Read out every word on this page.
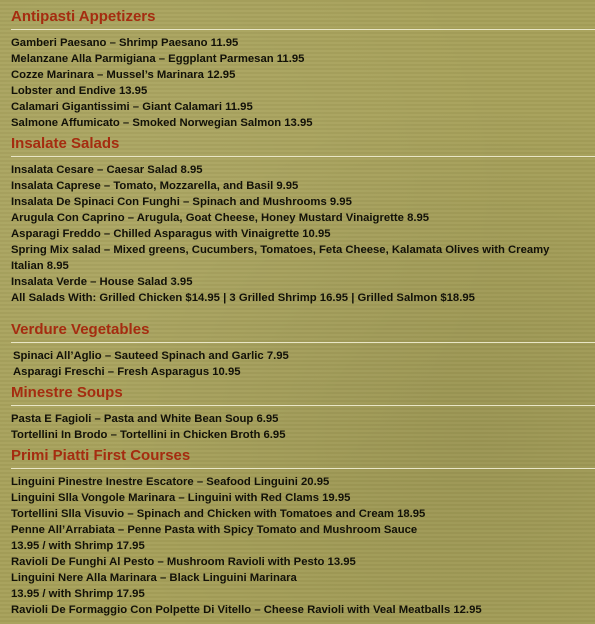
Antipasti Appetizers
Gamberi Paesano – Shrimp Paesano 11.95
Melanzane Alla Parmigiana – Eggplant Parmesan 11.95
Cozze Marinara – Mussel’s Marinara 12.95
Lobster and Endive 13.95
Calamari Gigantissimi – Giant Calamari 11.95
Salmone Affumicato – Smoked Norwegian Salmon 13.95
Insalate Salads
Insalata Cesare – Caesar Salad 8.95
Insalata Caprese – Tomato, Mozzarella, and Basil 9.95
Insalata De Spinaci Con Funghi – Spinach and Mushrooms 9.95
Arugula Con Caprino – Arugula, Goat Cheese, Honey Mustard Vinaigrette 8.95
Asparagi Freddo – Chilled Asparagus with Vinaigrette 10.95
Spring Mix salad – Mixed greens, Cucumbers, Tomatoes, Feta Cheese, Kalamata Olives with Creamy
Italian 8.95
Insalata Verde – House Salad 3.95
All Salads With: Grilled Chicken $14.95 | 3 Grilled Shrimp 16.95 | Grilled Salmon $18.95
Verdure Vegetables
Spinaci All’Aglio – Sauteed Spinach and Garlic 7.95
Asparagi Freschi – Fresh Asparagus 10.95
Minestre Soups
Pasta E Fagioli – Pasta and White Bean Soup 6.95
Tortellini In Brodo – Tortellini in Chicken Broth 6.95
Primi Piatti First Courses
Linguini Pinestre Inestre Escatore – Seafood Linguini 20.95
Linguini Slla Vongole Marinara – Linguini with Red Clams 19.95
Tortellini Slla Visuvio – Spinach and Chicken with Tomatoes and Cream 18.95
Penne All’Arrabiata – Penne Pasta with Spicy Tomato and Mushroom Sauce
13.95 / with Shrimp 17.95
Ravioli De Funghi Al Pesto – Mushroom Ravioli with Pesto 13.95
Linguini Nere Alla Marinara – Black Linguini Marinara
13.95 / with Shrimp 17.95
Ravioli De Formaggio Con Polpette Di Vitello – Cheese Ravioli with Veal Meatballs 12.95
